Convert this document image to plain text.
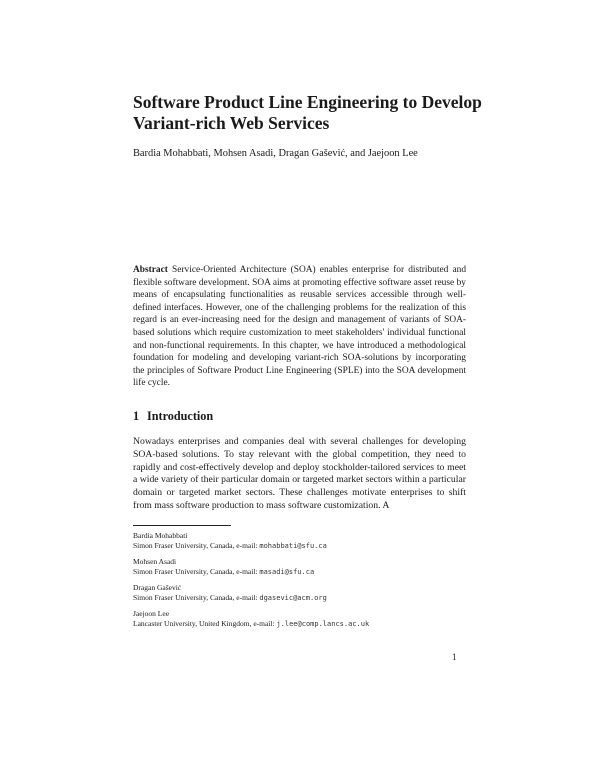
Software Product Line Engineering to Develop Variant-rich Web Services
Bardia Mohabbati, Mohsen Asadi, Dragan Gašević, and Jaejoon Lee

Abstract Service-Oriented Architecture (SOA) enables enterprise for distributed and flexible software development. SOA aims at promoting effective software asset reuse by means of encapsulating functionalities as reusable services accessible through well-defined interfaces. However, one of the challenging problems for the realization of this regard is an ever-increasing need for the design and management of variants of SOA-based solutions which require customization to meet stakeholders' individual functional and non-functional requirements. In this chapter, we have introduced a methodological foundation for modeling and developing variant-rich SOA-solutions by incorporating the principles of Software Product Line Engineering (SPLE) into the SOA development life cycle.

1 Introduction

Nowadays enterprises and companies deal with several challenges for developing SOA-based solutions. To stay relevant with the global competition, they need to rapidly and cost-effectively develop and deploy stockholder-tailored services to meet a wide variety of their particular domain or targeted market sectors within a particular domain or targeted market sectors. These challenges motivate enterprises to shift from mass software production to mass software customization. A

Bardia Mohabbati
Simon Fraser University, Canada, e-mail: mohabbati@sfu.ca
Mohsen Asadi
Simon Fraser University, Canada, e-mail: masadi@sfu.ca
Dragan Gašević
Simon Fraser University, Canada, e-mail: dgasevic@acm.org
Jaejoon Lee
Lancaster University, United Kingdom, e-mail: j.lee@comp.lancs.ac.uk
1
